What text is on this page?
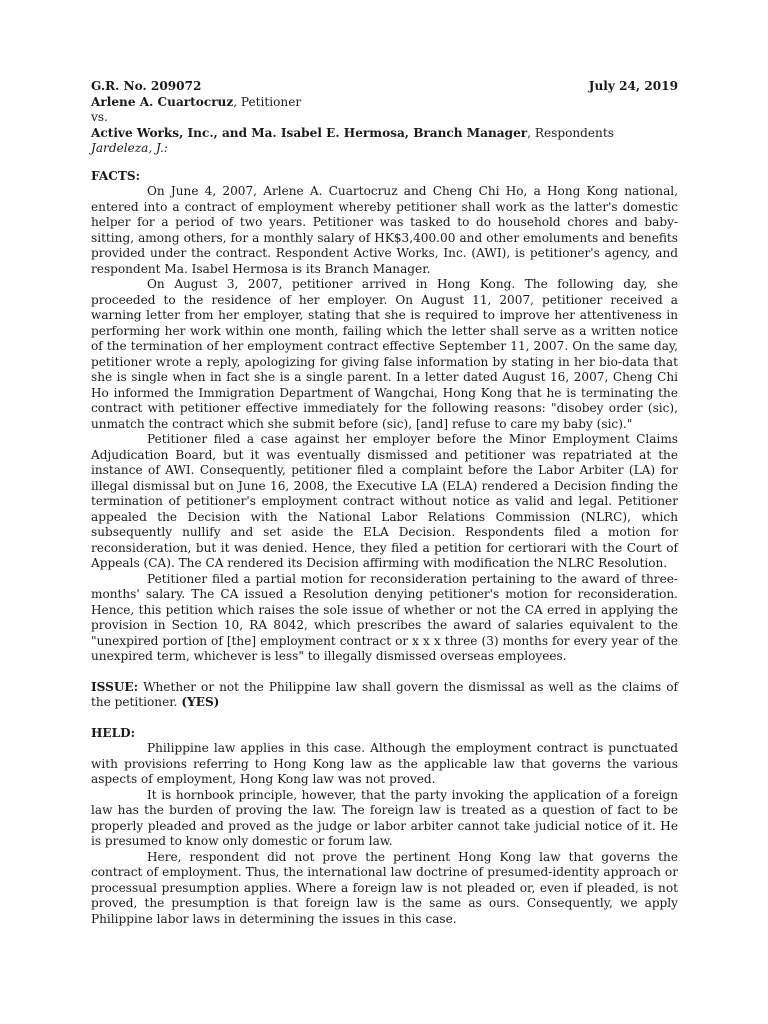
G.R. No. 209072	July 24, 2019
Arlene A. Cuartocruz, Petitioner
vs.
Active Works, Inc., and Ma. Isabel E. Hermosa, Branch Manager, Respondents
Jardeleza, J.:
FACTS:

On June 4, 2007, Arlene A. Cuartocruz and Cheng Chi Ho, a Hong Kong national, entered into a contract of employment whereby petitioner shall work as the latter's domestic helper for a period of two years. Petitioner was tasked to do household chores and baby-sitting, among others, for a monthly salary of HK$3,400.00 and other emoluments and benefits provided under the contract. Respondent Active Works, Inc. (AWI), is petitioner's agency, and respondent Ma. Isabel Hermosa is its Branch Manager.

On August 3, 2007, petitioner arrived in Hong Kong. The following day, she proceeded to the residence of her employer. On August 11, 2007, petitioner received a warning letter from her employer, stating that she is required to improve her attentiveness in performing her work within one month, failing which the letter shall serve as a written notice of the termination of her employment contract effective September 11, 2007. On the same day, petitioner wrote a reply, apologizing for giving false information by stating in her bio-data that she is single when in fact she is a single parent. In a letter dated August 16, 2007, Cheng Chi Ho informed the Immigration Department of Wangchai, Hong Kong that he is terminating the contract with petitioner effective immediately for the following reasons: "disobey order (sic), unmatch the contract which she submit before (sic), [and] refuse to care my baby (sic)."

Petitioner filed a case against her employer before the Minor Employment Claims Adjudication Board, but it was eventually dismissed and petitioner was repatriated at the instance of AWI. Consequently, petitioner filed a complaint before the Labor Arbiter (LA) for illegal dismissal but on June 16, 2008, the Executive LA (ELA) rendered a Decision finding the termination of petitioner's employment contract without notice as valid and legal. Petitioner appealed the Decision with the National Labor Relations Commission (NLRC), which subsequently nullify and set aside the ELA Decision. Respondents filed a motion for reconsideration, but it was denied. Hence, they filed a petition for certiorari with the Court of Appeals (CA). The CA rendered its Decision affirming with modification the NLRC Resolution.

Petitioner filed a partial motion for reconsideration pertaining to the award of three-months' salary. The CA issued a Resolution denying petitioner's motion for reconsideration. Hence, this petition which raises the sole issue of whether or not the CA erred in applying the provision in Section 10, RA 8042, which prescribes the award of salaries equivalent to the "unexpired portion of [the] employment contract or x x x three (3) months for every year of the unexpired term, whichever is less" to illegally dismissed overseas employees.

ISSUE: Whether or not the Philippine law shall govern the dismissal as well as the claims of the petitioner. (YES)
HELD:

Philippine law applies in this case. Although the employment contract is punctuated with provisions referring to Hong Kong law as the applicable law that governs the various aspects of employment, Hong Kong law was not proved.

It is hornbook principle, however, that the party invoking the application of a foreign law has the burden of proving the law. The foreign law is treated as a question of fact to be properly pleaded and proved as the judge or labor arbiter cannot take judicial notice of it. He is presumed to know only domestic or forum law.

Here, respondent did not prove the pertinent Hong Kong law that governs the contract of employment. Thus, the international law doctrine of presumed-identity approach or processual presumption applies. Where a foreign law is not pleaded or, even if pleaded, is not proved, the presumption is that foreign law is the same as ours. Consequently, we apply Philippine labor laws in determining the issues in this case.
